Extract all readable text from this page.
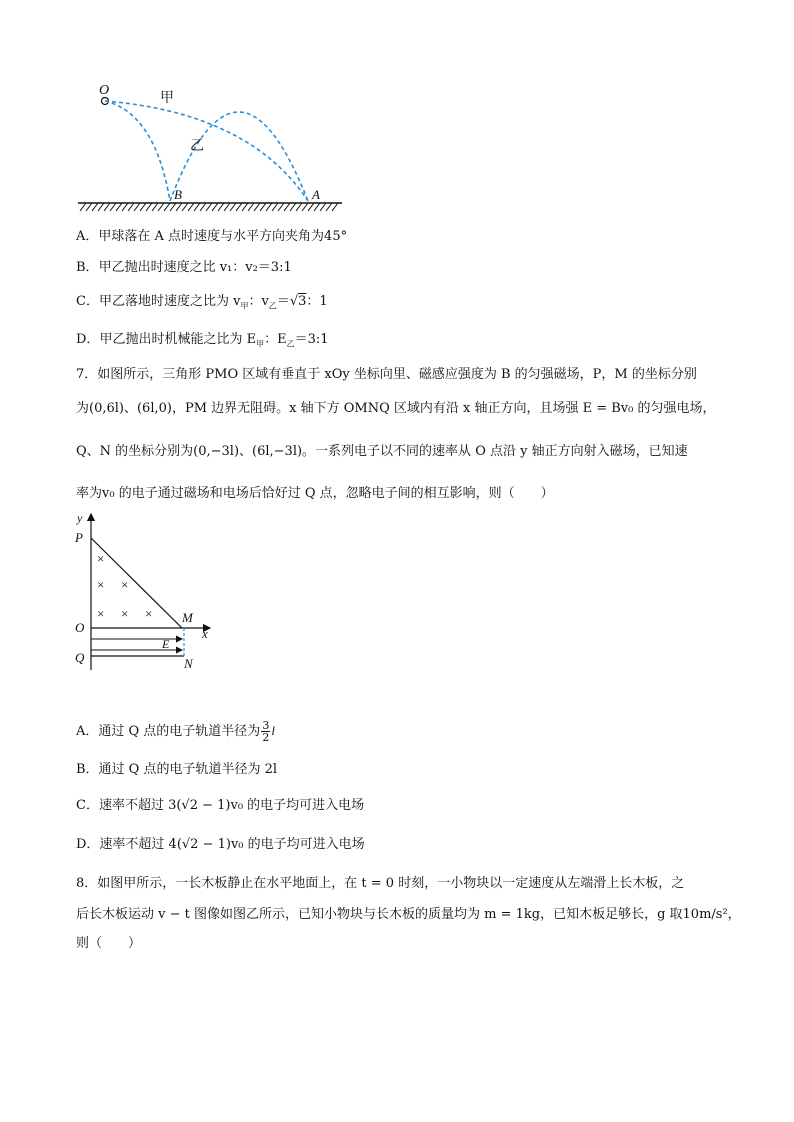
O
甲
乙
B	A
A．甲球落在 A 点时速度与水平方向夹角为45°
B．甲乙抛出时速度之比 v₁：v₂＝3:1
C．甲乙落地时速度之比为 $v_甲$：$v_乙=√3$：1
D．甲乙抛出时机械能之比为 $E_甲$：$E_乙=3:1$
7．如图所示，三角形 PMO 区域有垂直于 xOy 坐标向里、磁感应强度为 B 的匀强磁场，P，M 的坐标分别
为(0,6l)、(6l,0)，PM 边界无阻碍。x 轴下方 OMNQ 区域内有沿 x 轴正方向，且场强 E = Bv₀ 的匀强电场，
Q、N 的坐标分别为(0,−3l)、(6l,−3l)。一系列电子以不同的速率从 O 点沿 y 轴正方向射入磁场，已知速
率为v₀ 的电子通过磁场和电场后恰好过 Q 点，忽略电子间的相互影响，则（　　）
×
× ×
× × ×
y
P
O
M
x
E
Q	N
A．通过 Q 点的电子轨道半径为 $\frac{3}{2}$ l
B．通过 Q 点的电子轨道半径为 2l
C．速率不超过 3(√2 − 1)v₀ 的电子均可进入电场
D．速率不超过 4(√2 − 1)v₀ 的电子均可进入电场
8．如图甲所示，一长木板静止在水平地面上，在 t = 0 时刻，一小物块以一定速度从左端滑上长木板，之
后长木板运动 v − t 图像如图乙所示，已知小物块与长木板的质量均为 m = 1kg，已知木板足够长，g 取10m/s²，
则（　　）
